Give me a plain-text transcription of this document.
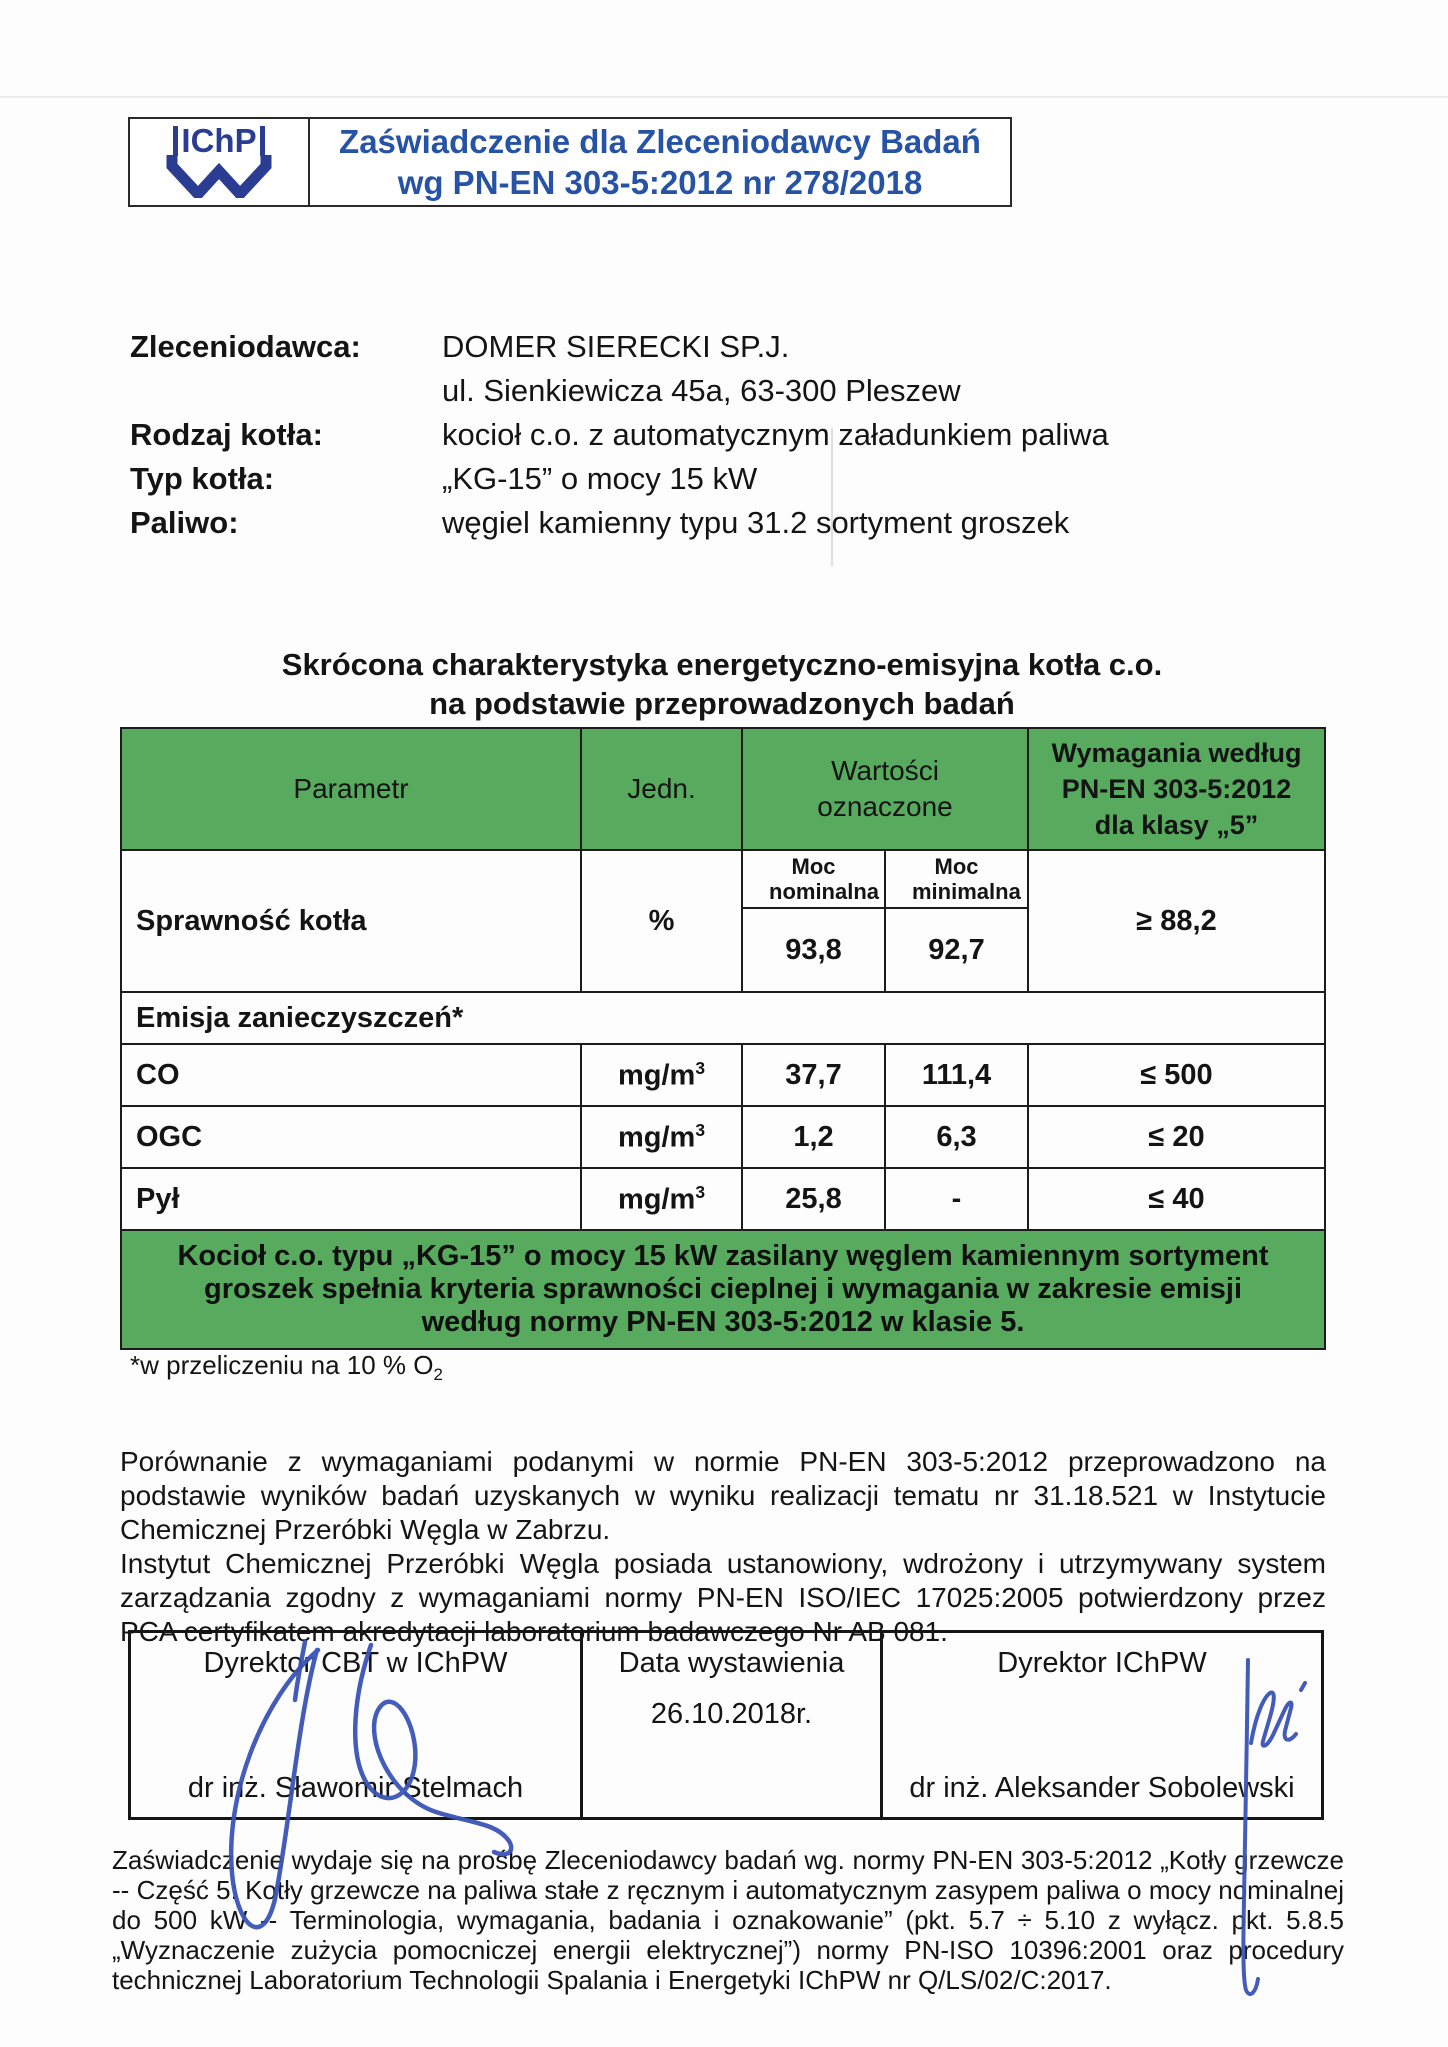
IChP Zaświadczenie dla Zleceniodawcy Badań
wg PN-EN 303-5:2012 nr 278/2018
Zleceniodawca:	DOMER SIERECKI SP.J.
ul. Sienkiewicza 45a, 63-300 Pleszew
Rodzaj kotła:	kocioł c.o. z automatycznym załadunkiem paliwa
Typ kotła:	„KG-15” o mocy 15 kW
Paliwo:	węgiel kamienny typu 31.2 sortyment groszek
Skrócona charakterystyka energetyczno-emisyjna kotła c.o.
na podstawie przeprowadzonych badań
Parametr	Jedn.	Wartości oznaczone		Wymagania według PN-EN 303-5:2012 dla klasy „5”
Sprawność kotła	%	Moc nominalna	Moc minimalna	≥ 88,2
		93,8	92,7	
Emisja zanieczyszczeń*				
CO	$mg/m^3$	37,7	111,4	≤ 500
OGC	$mg/m^3$	1,2	6,3	≤ 20
Pył	$mg/m^3$	25,8	-	≤ 40
Kocioł c.o. typu „KG-15” o mocy 15 kW zasilany węglem kamiennym sortyment groszek spełnia kryteria sprawności cieplnej i wymagania w zakresie emisji według normy PN-EN 303-5:2012 w klasie 5.				
*w przeliczeniu na 10 % $O_2$

Porównanie z wymaganiami podanymi w normie PN-EN 303-5:2012 przeprowadzono na podstawie wyników badań uzyskanych w wyniku realizacji tematu nr 31.18.521 w Instytucie Chemicznej Przeróbki Węgla w Zabrzu.

Instytut Chemicznej Przeróbki Węgla posiada ustanowiony, wdrożony i utrzymywany system zarządzania zgodny z wymaganiami normy PN-EN ISO/IEC 17025:2005 potwierdzony przez PCA certyfikatem akredytacji laboratorium badawczego Nr AB 081.

Dyrektor CBT w IChPW
dr inż. Sławomir Stelmach
Data wystawienia
26.10.2018r.
Dyrektor IChPW
dr inż. Aleksander Sobolewski
Zaświadczenie wydaje się na prośbę Zleceniodawcy badań wg. normy PN-EN 303-5:2012 „Kotły grzewcze -- Część 5: Kotły grzewcze na paliwa stałe z ręcznym i automatycznym zasypem paliwa o mocy nominalnej do 500 kW -- Terminologia, wymagania, badania i oznakowanie” (pkt. 5.7 ÷ 5.10 z wyłącz. pkt. 5.8.5 „Wyznaczenie zużycia pomocniczej energii elektrycznej”) normy PN-ISO 10396:2001 oraz procedury technicznej Laboratorium Technologii Spalania i Energetyki IChPW nr Q/LS/02/C:2017.
